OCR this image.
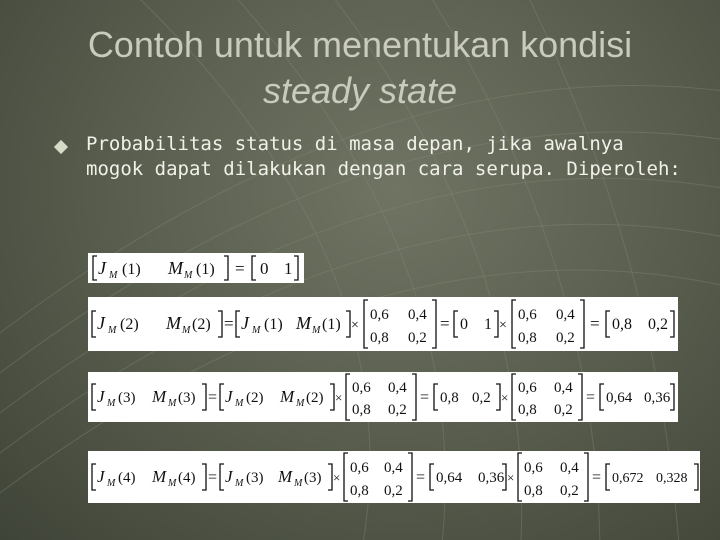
Contoh untuk menentukan kondisi
steady state

Probabilitas status di masa depan, jika awalnya mogok dapat dilakukan dengan cara serupa. Diperoleh:

J M (1) M M (1) = 0 1
J M (2) M M (2) = J M (1) M M (1) ×
0,6 0,4
0,8 0,2
= 0 1 ×
0,6 0,4
0,8 0,2
= 0,8 0,2
J M (3) M M (3) = J M (2) M M (2) ×
0,6 0,4
0,8 0,2
= 0,8 0,2 ×
0,6 0,4
0,8 0,2
= 0,64 0,36
J M (4) M M (4) = J M (3) M M (3) ×
0,6 0,4
0,8 0,2
= 0,64 0,36 ×
0,6 0,4
0,8 0,2
= 0,672 0,328
